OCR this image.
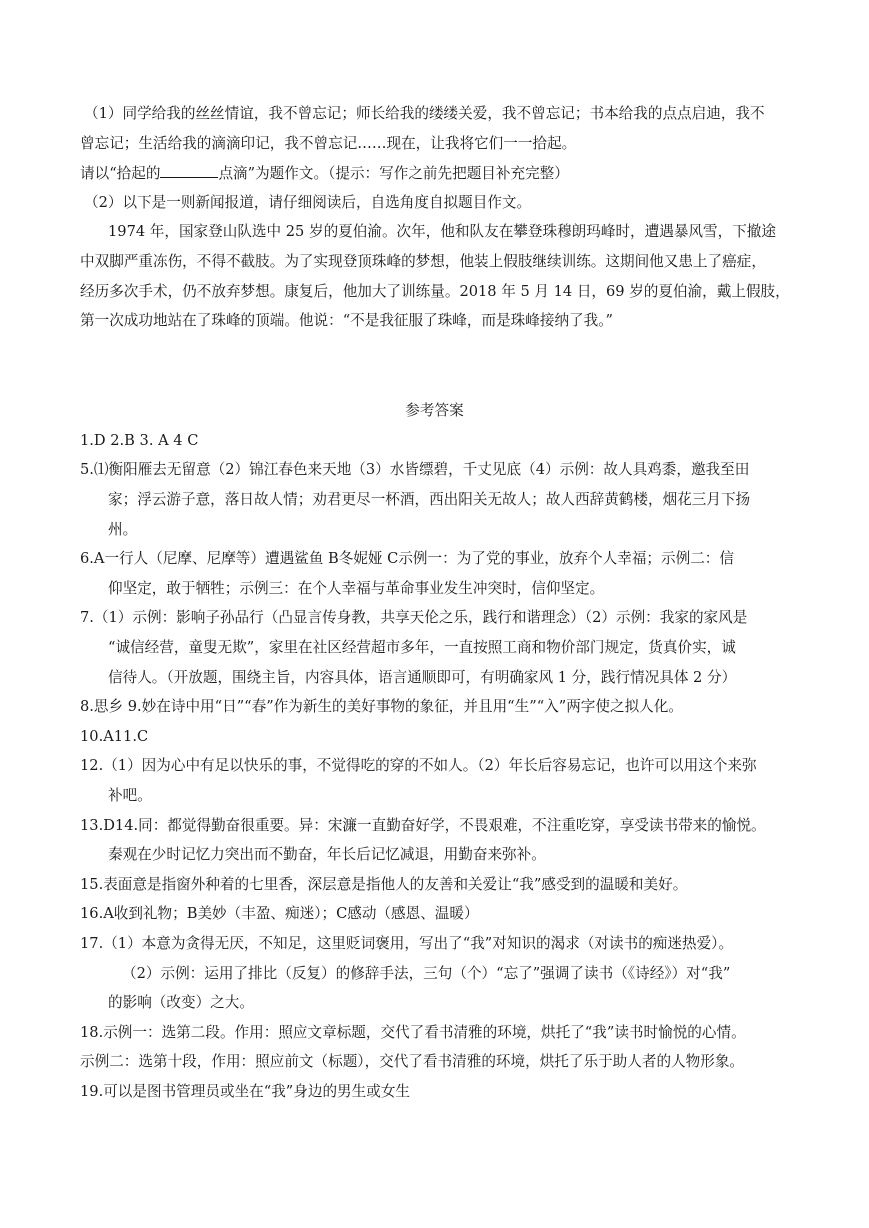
（1）同学给我的丝丝情谊，我不曾忘记；师长给我的缕缕关爱，我不曾忘记；书本给我的点点启迪，我不
曾忘记；生活给我的滴滴印记，我不曾忘记……现在，让我将它们一一拾起。
请以“拾起的	点滴”为题作文。（提示：写作之前先把题目补充完整）
（2）以下是一则新闻报道，请仔细阅读后，自选角度自拟题目作文。
1974 年，国家登山队选中 25 岁的夏伯渝。次年，他和队友在攀登珠穆朗玛峰时，遭遇暴风雪，下撤途
中双脚严重冻伤，不得不截肢。为了实现登顶珠峰的梦想，他装上假肢继续训练。这期间他又患上了癌症，
经历多次手术，仍不放弃梦想。康复后，他加大了训练量。2018 年 5 月 14 日，69 岁的夏伯渝，戴上假肢，
第一次成功地站在了珠峰的顶端。他说：“不是我征服了珠峰，而是珠峰接纳了我。”
参考答案
1.D 2.B 3. A 4 C
5.⑴衡阳雁去无留意（2）锦江春色来天地（3）水皆缥碧，千丈见底（4）示例：故人具鸡黍，邀我至田
家；浮云游子意，落日故人情；劝君更尽一杯酒，西出阳关无故人；故人西辞黄鹤楼，烟花三月下扬
州。
6.A一行人（尼摩、尼摩等）遭遇鲨鱼 B冬妮娅 C示例一：为了党的事业，放弃个人幸福；示例二：信
仰坚定，敢于牺牲；示例三：在个人幸福与革命事业发生冲突时，信仰坚定。
7.（1）示例：影响子孙品行（凸显言传身教，共享天伦之乐，践行和谐理念）（2）示例：我家的家风是
“诚信经营，童叟无欺”，家里在社区经营超市多年，一直按照工商和物价部门规定，货真价实，诚
信待人。（开放题，围绕主旨，内容具体，语言通顺即可，有明确家风 1 分，践行情况具体 2 分）
8.思乡 9.妙在诗中用“日”“春”作为新生的美好事物的象征，并且用“生”“入”两字使之拟人化。
10.A11.C
12.（1）因为心中有足以快乐的事，不觉得吃的穿的不如人。（2）年长后容易忘记，也许可以用这个来弥
补吧。
13.D14.同：都觉得勤奋很重要。异：宋濂一直勤奋好学，不畏艰难，不注重吃穿，享受读书带来的愉悦。
秦观在少时记忆力突出而不勤奋，年长后记忆减退，用勤奋来弥补。
15.表面意是指窗外种着的七里香，深层意是指他人的友善和关爱让“我”感受到的温暖和美好。
16.A收到礼物；B美妙（丰盈、痴迷）；C感动（感恩、温暖）
17.（1）本意为贪得无厌，不知足，这里贬词褒用，写出了“我”对知识的渴求（对读书的痴迷热爱）。
（2）示例：运用了排比（反复）的修辞手法，三句（个）“忘了”强调了读书（《诗经》）对“我”
的影响（改变）之大。
18.示例一：选第二段。作用：照应文章标题，交代了看书清雅的环境，烘托了“我”读书时愉悦的心情。
示例二：选第十段，作用：照应前文（标题），交代了看书清雅的环境，烘托了乐于助人者的人物形象。
19.可以是图书管理员或坐在“我”身边的男生或女生
